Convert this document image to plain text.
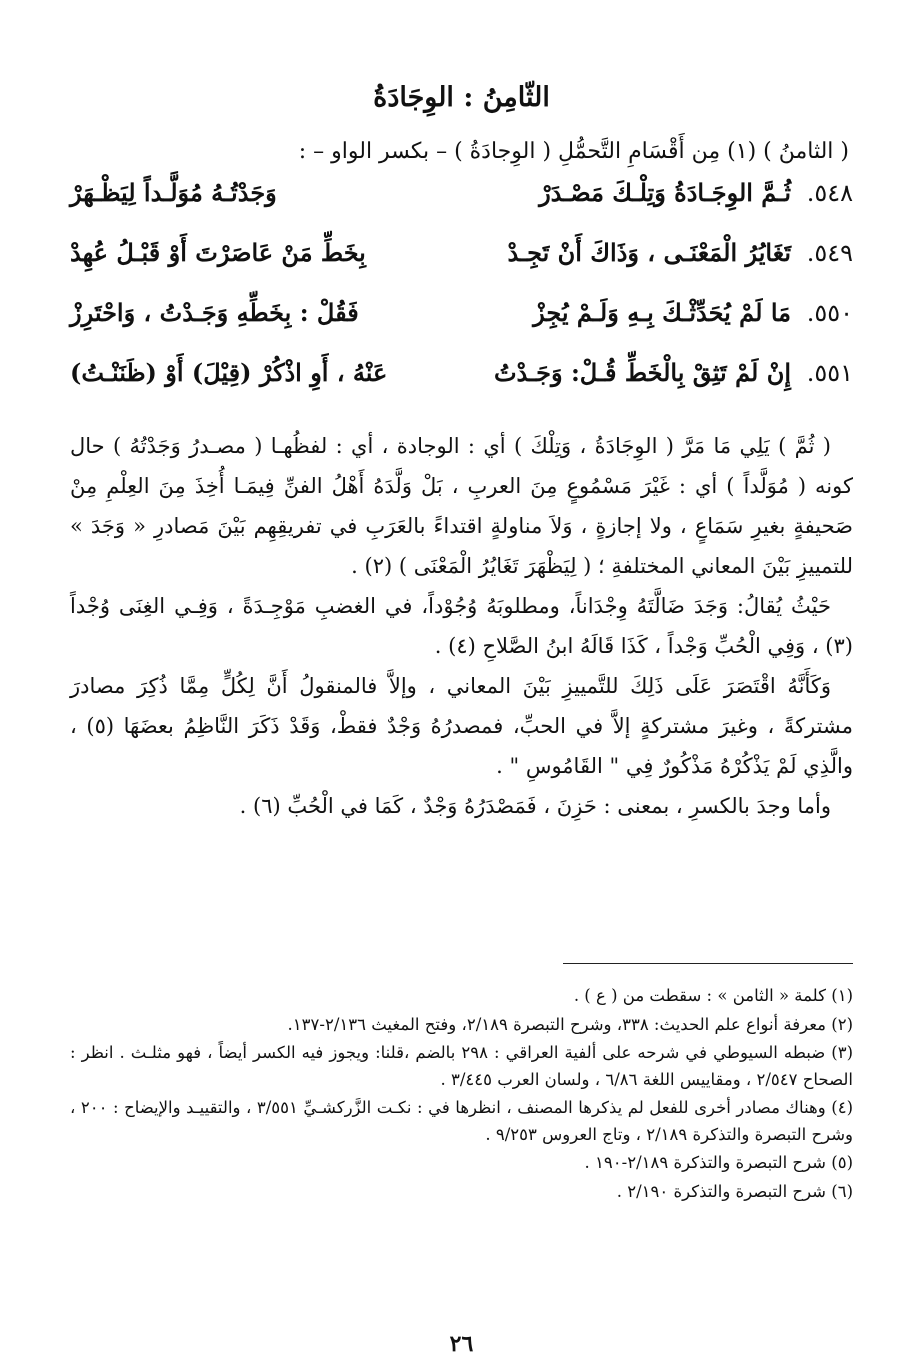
الثّامِنُ : الوِجَادَةُ
( الثامنُ ) (١) مِن أَقْسَامِ التَّحمُّلِ ( الوِجادَةُ ) – بكسر الواو – :
٥٤٨.
ثُـمَّ الوِجَـادَةُ وَتِلْـكَ مَصْـدَرْ
وَجَدْتُـهُ مُوَلَّـداً لِيَظْـهَرْ
٥٤٩.
تَغَايُرُ الْمَعْنَـى ، وَذَاكَ أَنْ تَجِـدْ
بِخَطِّ مَنْ عَاصَرْتَ أَوْ قَبْـلُ عُهِدْ
٥٥٠.
مَا لَمْ يُحَدِّثْـكَ بِـهِ وَلَـمْ يُجِزْ
فَقُلْ : بِخَطِّهِ وَجَـدْتُ ، وَاحْتَرِزْ
٥٥١.
إِنْ لَمْ تَثِقْ بِالْخَطِّ قُـلْ: وَجَـدْتُ
عَنْهُ ، أَوِ اذْكُرْ (قِيْلَ) أَوْ (ظَنَنْـتُ)

( ثُمَّ ) يَلِي مَا مَرَّ ( الوِجَادَةُ ، وَتِلْكَ ) أي : الوجادة ، أي : لفظُهـا ( مصـدرُ وَجَدْتُهُ ) حال كونه ( مُوَلَّداً ) أي : غَيْرَ مَسْمُوعٍ مِنَ العربِ ، بَلْ وَلَّدَهُ أَهْلُ الفنِّ فِيمَـا أُخِذَ مِنَ العِلْمِ مِنْ صَحيفةٍ بغيرِ سَمَاعٍ ، ولا إجازةٍ ، وَلاَ مناولةٍ اقتداءً بالعَرَبِ في تفريقِهِم بَيْنَ مَصادرِ « وَجَدَ » للتمييزِ بَيْنَ المعاني المختلفةِ ؛ ( لِيَظْهَرَ تَغَايُرُ الْمَعْنَى ) (٢) .

حَيْثُ يُقالُ: وَجَدَ ضَالَّتَهُ وِجْدَاناً، ومطلوبَهُ وُجُوْداً، في الغضبِ مَوْجِـدَةً ، وَفِـي الغِنَى وُجْداً (٣) ، وَفِي الْحُبِّ وَجْداً ، كَذَا قَالَهُ ابنُ الصَّلاحِ (٤) .

وَكَأَنَّهُ اقْتَصَرَ عَلَى ذَلِكَ للتَّمييزِ بَيْنَ المعاني ، وإلاَّ فالمنقولُ أَنَّ لِكُلٍّ مِمَّا ذُكِرَ مصادرَ مشتركةً ، وغيرَ مشتركةٍ إلاَّ في الحبِّ، فمصدرُهُ وَجْدٌ فقطْ، وَقَدْ ذَكَرَ النَّاظِمُ بعضَهَا (٥) ، والَّذِي لَمْ يَذْكُرْهُ مَذْكُورٌ فِي " القَامُوسِ " .

وأما وجدَ بالكسرِ ، بمعنى : حَزِنَ ، فَمَصْدَرُهُ وَجْدٌ ، كَمَا في الْحُبِّ (٦) .

(١) كلمة « الثامن » : سقطت من ( ع ) .

(٢) معرفة أنواع علم الحديث: ٣٣٨، وشرح التبصرة ٢/١٨٩، وفتح المغيث ٢/١٣٦-١٣٧.

(٣) ضبطه السيوطي في شرحه على ألفية العراقي : ٢٩٨ بالضم ،قلنا: ويجوز فيه الكسر أيضاً ، فهو مثلـث . انظر : الصحاح ٢/٥٤٧ ، ومقاييس اللغة ٦/٨٦ ، ولسان العرب ٣/٤٤٥ .

(٤) وهناك مصادر أخرى للفعل لم يذكرها المصنف ، انظرها في : نكـت الزَّركشـيِّ ٣/٥٥١ ، والتقييـد والإيضاح : ٢٠٠ ، وشرح التبصرة والتذكرة ٢/١٨٩ ، وتاج العروس ٩/٢٥٣ .

(٥) شرح التبصرة والتذكرة ٢/١٨٩-١٩٠ .

(٦) شرح التبصرة والتذكرة ٢/١٩٠ .

٢٦
